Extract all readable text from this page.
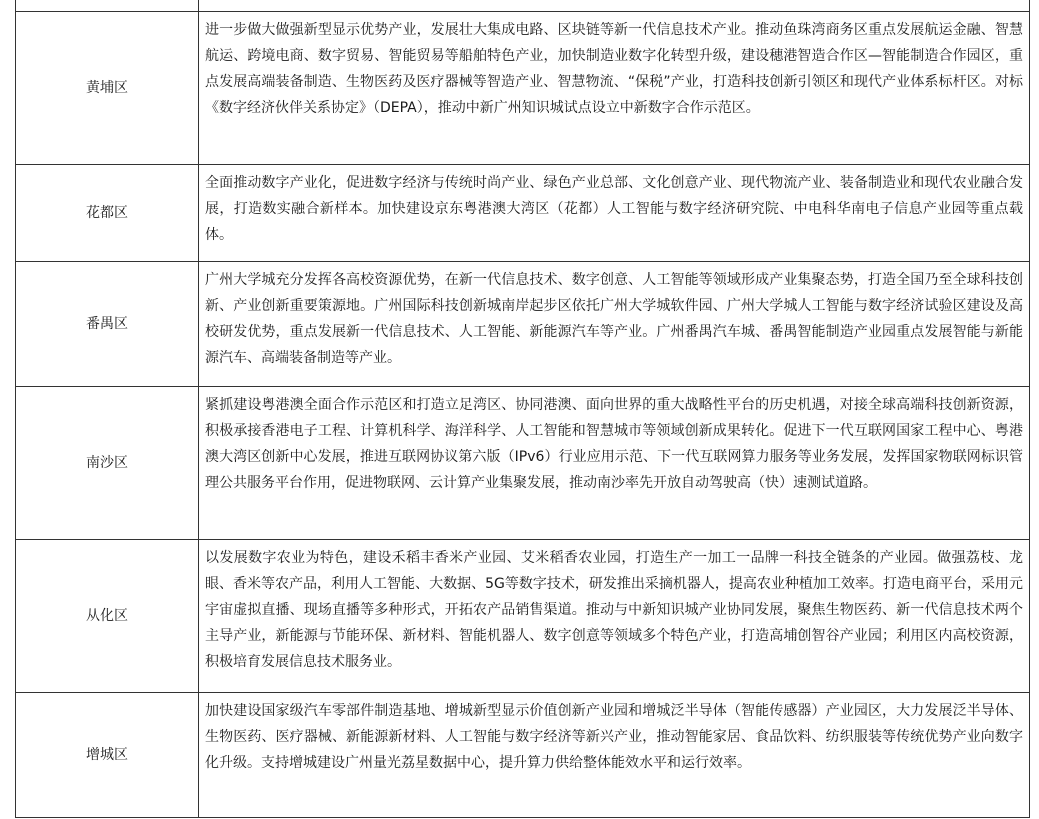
黄埔区	进一步做大做强新型显示优势产业，发展壮大集成电路、区块链等新一代信息技术产业。推动鱼珠湾商务区重点发展航运金融、智慧航运、跨境电商、数字贸易、智能贸易等船舶特色产业，加快制造业数字化转型升级，建设穗港智造合作区—智能制造合作园区，重点发展高端装备制造、生物医药及医疗器械等智造产业、智慧物流、“保税”产业，打造科技创新引领区和现代产业体系标杆区。对标《数字经济伙伴关系协定》（DEPA），推动中新广州知识城试点设立中新数字合作示范区。
花都区	全面推动数字产业化，促进数字经济与传统时尚产业、绿色产业总部、文化创意产业、现代物流产业、装备制造业和现代农业融合发展，打造数实融合新样本。加快建设京东粤港澳大湾区（花都）人工智能与数字经济研究院、中电科华南电子信息产业园等重点载体。
番禺区	广州大学城充分发挥各高校资源优势，在新一代信息技术、数字创意、人工智能等领域形成产业集聚态势，打造全国乃至全球科技创新、产业创新重要策源地。广州国际科技创新城南岸起步区依托广州大学城软件园、广州大学城人工智能与数字经济试验区建设及高校研发优势，重点发展新一代信息技术、人工智能、新能源汽车等产业。广州番禺汽车城、番禺智能制造产业园重点发展智能与新能源汽车、高端装备制造等产业。
南沙区	紧抓建设粤港澳全面合作示范区和打造立足湾区、协同港澳、面向世界的重大战略性平台的历史机遇，对接全球高端科技创新资源，积极承接香港电子工程、计算机科学、海洋科学、人工智能和智慧城市等领域创新成果转化。促进下一代互联网国家工程中心、粤港澳大湾区创新中心发展，推进互联网协议第六版（IPv6）行业应用示范、下一代互联网算力服务等业务发展，发挥国家物联网标识管理公共服务平台作用，促进物联网、云计算产业集聚发展，推动南沙率先开放自动驾驶高（快）速测试道路。
从化区	以发展数字农业为特色，建设禾稻丰香米产业园、艾米稻香农业园，打造生产一加工一品牌一科技全链条的产业园。做强荔枝、龙眼、香米等农产品，利用人工智能、大数据、5G等数字技术，研发推出采摘机器人，提高农业种植加工效率。打造电商平台，采用元宇宙虚拟直播、现场直播等多种形式，开拓农产品销售渠道。推动与中新知识城产业协同发展，聚焦生物医药、新一代信息技术两个主导产业，新能源与节能环保、新材料、智能机器人、数字创意等领域多个特色产业，打造高埔创智谷产业园；利用区内高校资源，积极培育发展信息技术服务业。
增城区	加快建设国家级汽车零部件制造基地、增城新型显示价值创新产业园和增城泛半导体（智能传感器）产业园区，大力发展泛半导体、生物医药、医疗器械、新能源新材料、人工智能与数字经济等新兴产业，推动智能家居、食品饮料、纺织服装等传统优势产业向数字化升级。支持增城建设广州量光荔星数据中心，提升算力供给整体能效水平和运行效率。
